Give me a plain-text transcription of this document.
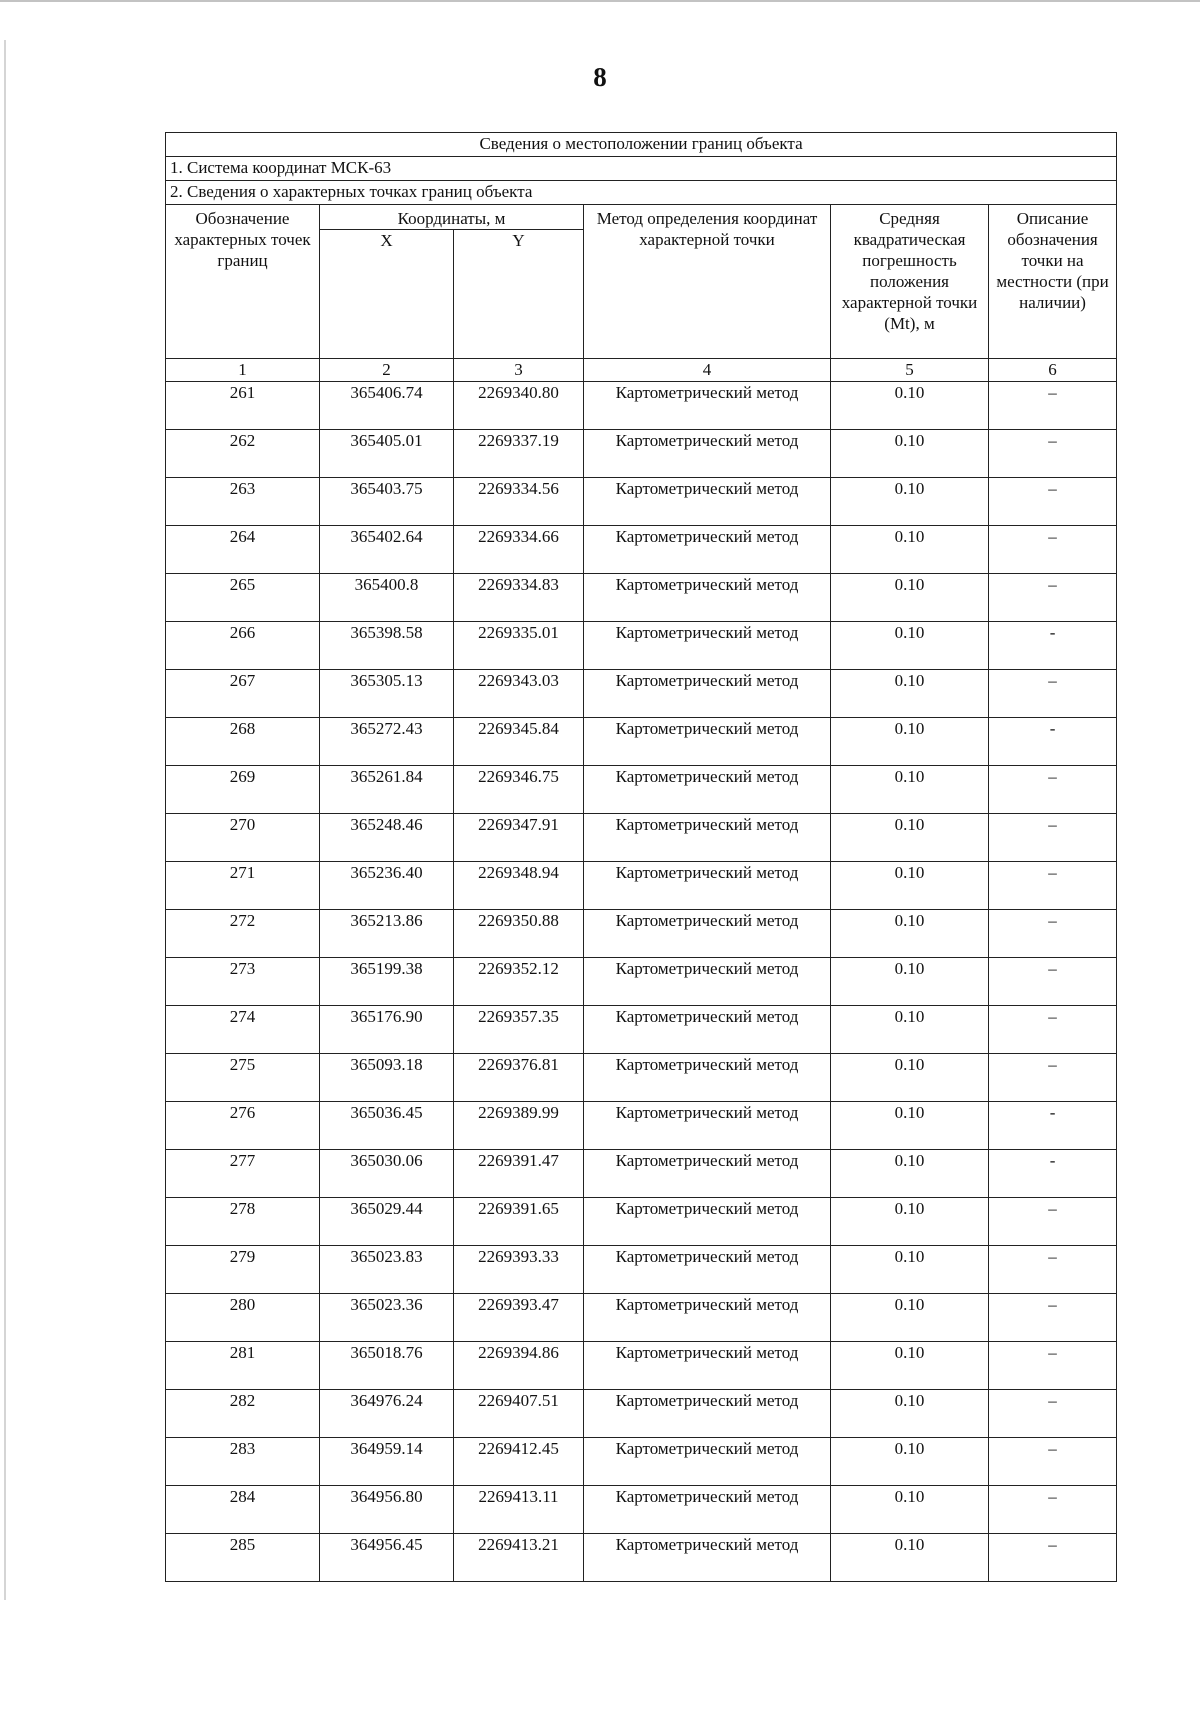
8
Сведения о местоположении границ объекта					
1. Система координат МСК-63					
2. Сведения о характерных точках границ объекта					
Обозначение характерных точек границ	Координаты, м		Метод определения координат характерной точки	Средняя квадратическая погрешность положения характерной точки (Mt), м	Описание обозначения точки на местности (при наличии)
	X	Y			
1	2	3	4	5	6
261	365406.74	2269340.80	Картометрический метод	0.10	–
262	365405.01	2269337.19	Картометрический метод	0.10	–
263	365403.75	2269334.56	Картометрический метод	0.10	–
264	365402.64	2269334.66	Картометрический метод	0.10	–
265	365400.8	2269334.83	Картометрический метод	0.10	–
266	365398.58	2269335.01	Картометрический метод	0.10	-
267	365305.13	2269343.03	Картометрический метод	0.10	–
268	365272.43	2269345.84	Картометрический метод	0.10	-
269	365261.84	2269346.75	Картометрический метод	0.10	–
270	365248.46	2269347.91	Картометрический метод	0.10	–
271	365236.40	2269348.94	Картометрический метод	0.10	–
272	365213.86	2269350.88	Картометрический метод	0.10	–
273	365199.38	2269352.12	Картометрический метод	0.10	–
274	365176.90	2269357.35	Картометрический метод	0.10	–
275	365093.18	2269376.81	Картометрический метод	0.10	–
276	365036.45	2269389.99	Картометрический метод	0.10	-
277	365030.06	2269391.47	Картометрический метод	0.10	-
278	365029.44	2269391.65	Картометрический метод	0.10	–
279	365023.83	2269393.33	Картометрический метод	0.10	–
280	365023.36	2269393.47	Картометрический метод	0.10	–
281	365018.76	2269394.86	Картометрический метод	0.10	–
282	364976.24	2269407.51	Картометрический метод	0.10	–
283	364959.14	2269412.45	Картометрический метод	0.10	–
284	364956.80	2269413.11	Картометрический метод	0.10	–
285	364956.45	2269413.21	Картометрический метод	0.10	–
